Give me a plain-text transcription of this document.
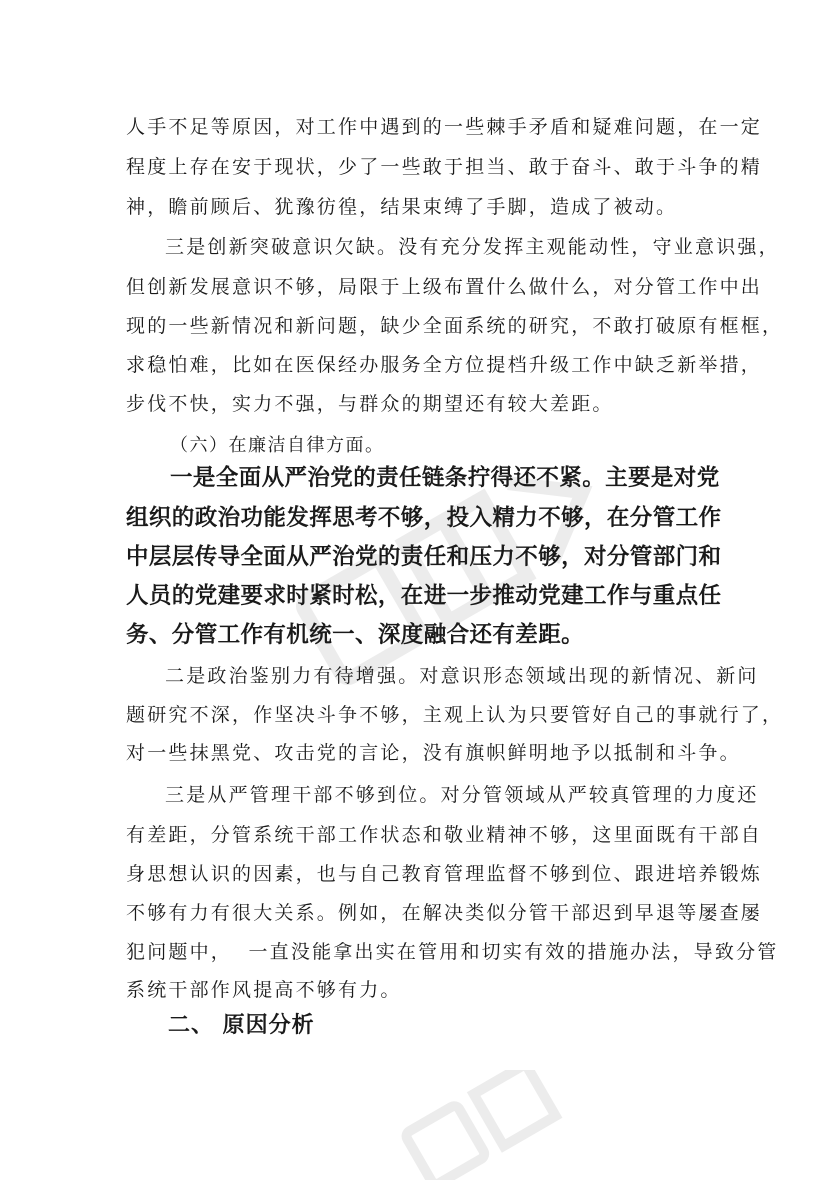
人手不足等原因，对工作中遇到的一些棘手矛盾和疑难问题，在一定
程度上存在安于现状，少了一些敢于担当、敢于奋斗、敢于斗争的精
神，瞻前顾后、犹豫彷徨，结果束缚了手脚，造成了被动。
三是创新突破意识欠缺。没有充分发挥主观能动性，守业意识强，
但创新发展意识不够，局限于上级布置什么做什么，对分管工作中出
现的一些新情况和新问题，缺少全面系统的研究，不敢打破原有框框，
求稳怕难，比如在医保经办服务全方位提档升级工作中缺乏新举措，
步伐不快，实力不强，与群众的期望还有较大差距。
（六）在廉洁自律方面。
一是全面从严治党的责任链条拧得还不紧。主要是对党
组织的政治功能发挥思考不够，投入精力不够，在分管工作
中层层传导全面从严治党的责任和压力不够，对分管部门和
人员的党建要求时紧时松，在进一步推动党建工作与重点任
务、分管工作有机统一、深度融合还有差距。
二是政治鉴别力有待增强。对意识形态领域出现的新情况、新问
题研究不深，作坚决斗争不够，主观上认为只要管好自己的事就行了，
对一些抹黑党、攻击党的言论，没有旗帜鲜明地予以抵制和斗争。
三是从严管理干部不够到位。对分管领域从严较真管理的力度还
有差距，分管系统干部工作状态和敬业精神不够，这里面既有干部自
身思想认识的因素，也与自己教育管理监督不够到位、跟进培养锻炼
不够有力有很大关系。例如，在解决类似分管干部迟到早退等屡查屡
犯问题中，  一直没能拿出实在管用和切实有效的措施办法，导致分管
系统干部作风提高不够有力。
二、 原因分析
